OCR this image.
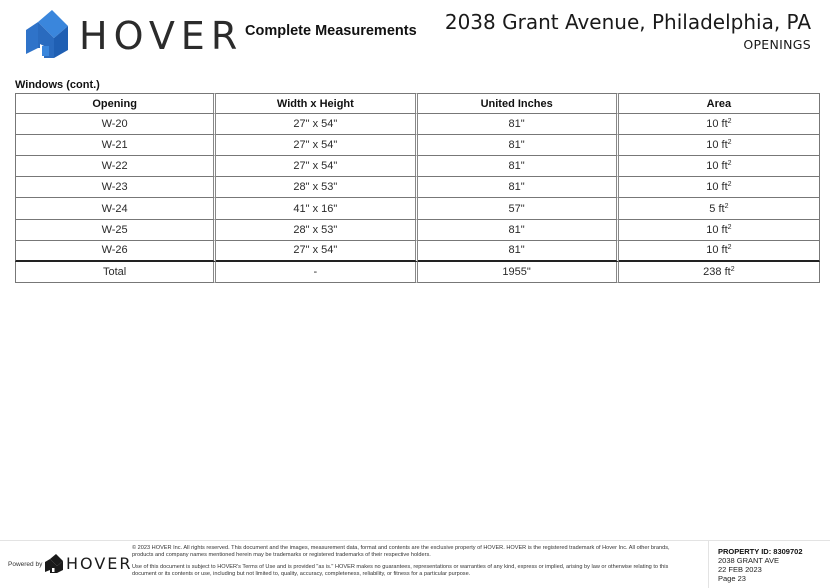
HOVER Complete Measurements 2038 Grant Avenue, Philadelphia, PA
OPENINGS
Windows (cont.)
Opening	Width x Height	United Inches	Area
W-20	27" x 54"	81"	10 $ft^2$
W-21	27" x 54"	81"	10 $ft^2$
W-22	27" x 54"	81"	10 $ft^2$
W-23	28" x 53"	81"	10 $ft^2$
W-24	41" x 16"	57"	5 $ft^2$
W-25	28" x 53"	81"	10 $ft^2$
W-26	27" x 54"	81"	10 $ft^2$
Total	-	1955"	238 $ft^2$
Powered by HOVER

© 2023 HOVER Inc. All rights reserved. This document and the images, measurement data, format and contents are the exclusive property of HOVER. HOVER is the registered trademark of Hover Inc. All other brands, products and company names mentioned herein may be trademarks or registered trademarks of their respective holders.

Use of this document is subject to HOVER's Terms of Use and is provided "as is." HOVER makes no guarantees, representations or warranties of any kind, express or implied, arising by law or otherwise relating to this document or its contents or use, including but not limited to, quality, accuracy, completeness, reliability, or fitness for a particular purpose.

PROPERTY ID: 8309702
2038 GRANT AVE
22 FEB 2023
Page 23
